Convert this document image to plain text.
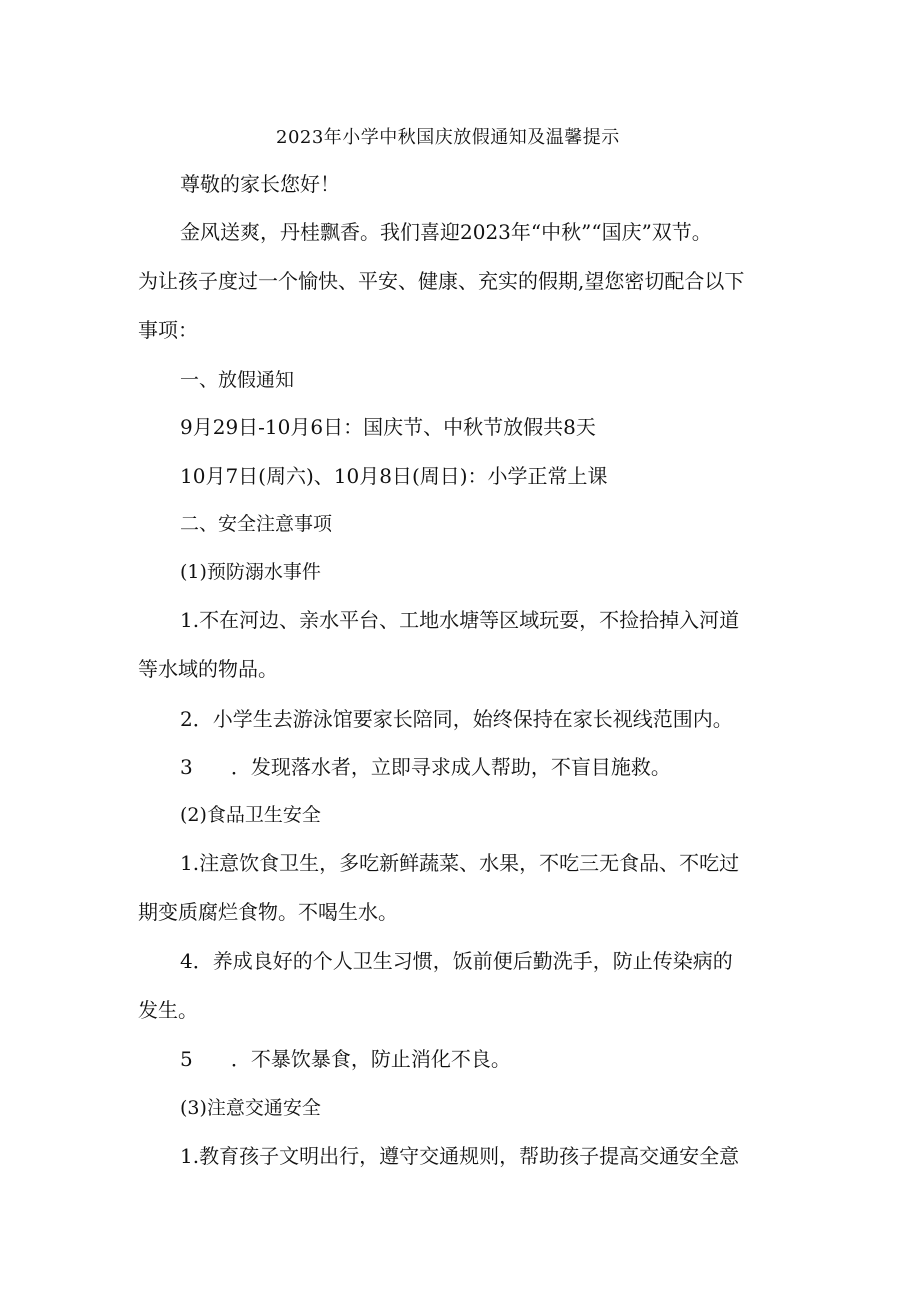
2023年小学中秋国庆放假通知及温馨提示
尊敬的家长您好！
金风送爽，丹桂飘香。我们喜迎2023年“中秋”“国庆”双节。
为让孩子度过一个愉快、平安、健康、充实的假期,望您密切配合以下
事项：
一、放假通知
9月29日-10月6日：国庆节、中秋节放假共8天
10月7日(周六)、10月8日(周日)：小学正常上课
二、安全注意事项
(1)预防溺水事件
1.不在河边、亲水平台、工地水塘等区域玩耍，不捡拾掉入河道
等水域的物品。
2．小学生去游泳馆要家长陪同，始终保持在家长视线范围内。
3      ．发现落水者，立即寻求成人帮助，不盲目施救。
(2)食品卫生安全
1.注意饮食卫生，多吃新鲜蔬菜、水果，不吃三无食品、不吃过
期变质腐烂食物。不喝生水。
4．养成良好的个人卫生习惯，饭前便后勤洗手，防止传染病的
发生。
5      ．不暴饮暴食，防止消化不良。
(3)注意交通安全
1.教育孩子文明出行，遵守交通规则，帮助孩子提高交通安全意
